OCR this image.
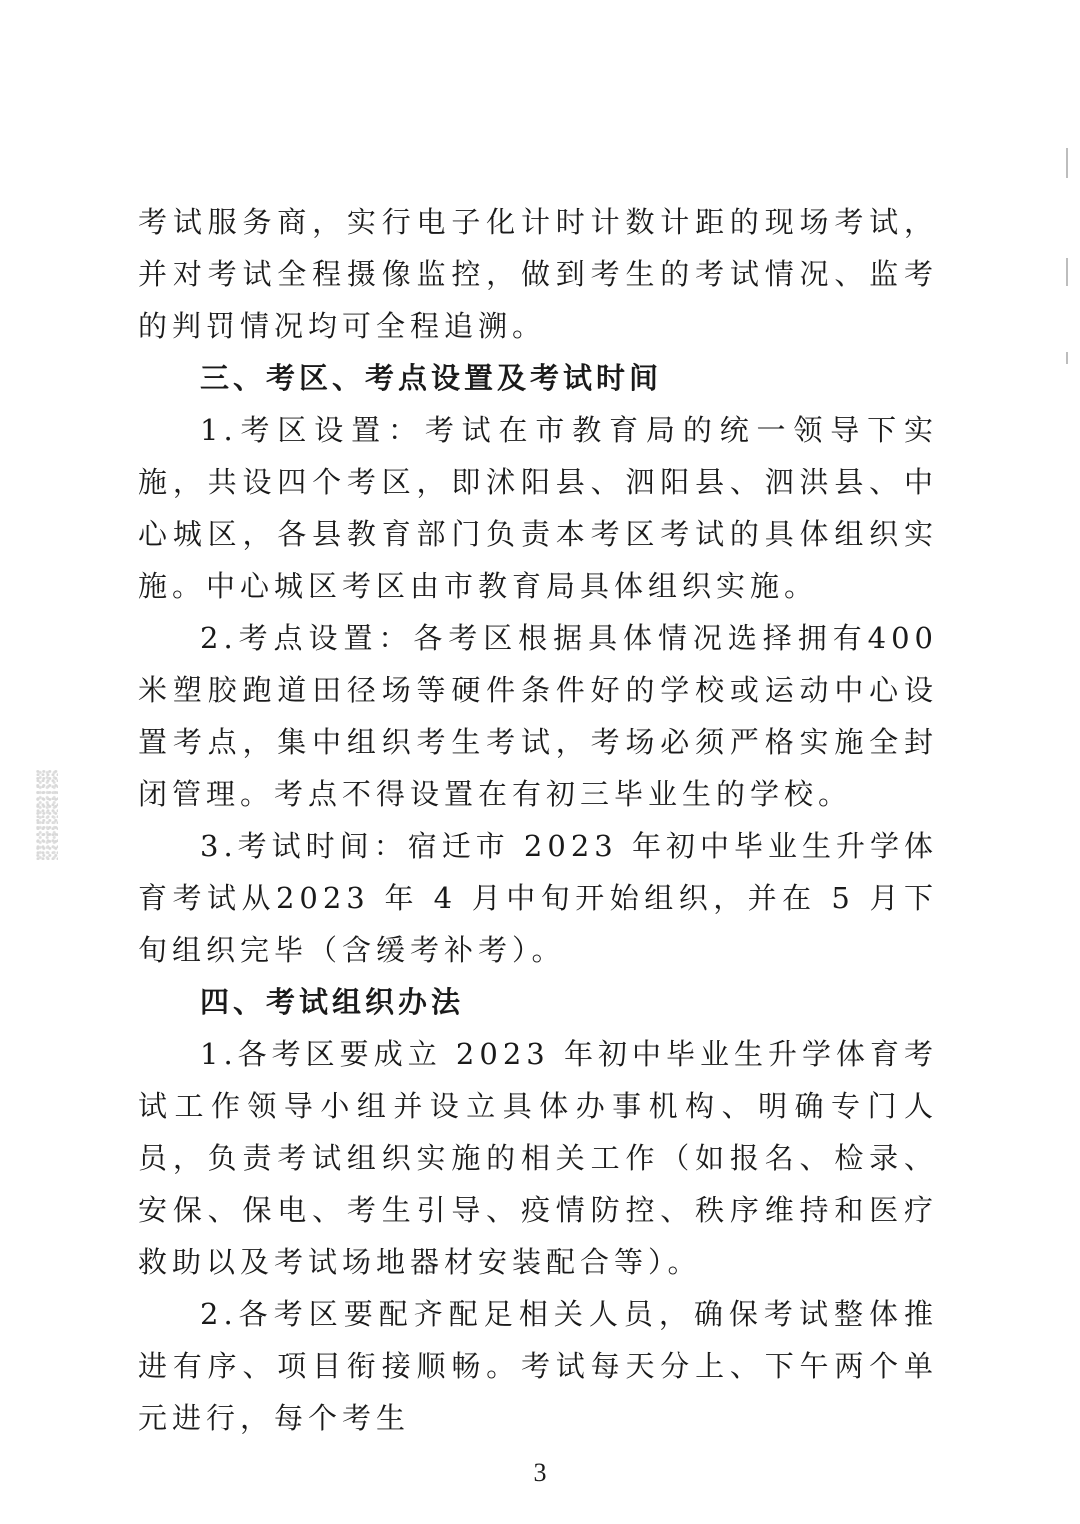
考试服务商，实行电子化计时计数计距的现场考试，并对考试全程摄像监控，做到考生的考试情况、监考的判罚情况均可全程追溯。

三、考区、考点设置及考试时间

1.考区设置：考试在市教育局的统一领导下实施，共设四个考区，即沭阳县、泗阳县、泗洪县、中心城区，各县教育部门负责本考区考试的具体组织实施。中心城区考区由市教育局具体组织实施。

2.考点设置：各考区根据具体情况选择拥有400米塑胶跑道田径场等硬件条件好的学校或运动中心设置考点，集中组织考生考试，考场必须严格实施全封闭管理。考点不得设置在有初三毕业生的学校。

3.考试时间：宿迁市 2023 年初中毕业生升学体育考试从2023 年 4 月中旬开始组织，并在 5 月下旬组织完毕（含缓考补考）。

四、考试组织办法

1.各考区要成立 2023 年初中毕业生升学体育考试工作领导小组并设立具体办事机构、明确专门人员，负责考试组织实施的相关工作（如报名、检录、安保、保电、考生引导、疫情防控、秩序维持和医疗救助以及考试场地器材安装配合等）。

2.各考区要配齐配足相关人员，确保考试整体推进有序、项目衔接顺畅。考试每天分上、下午两个单元进行，每个考生

3
